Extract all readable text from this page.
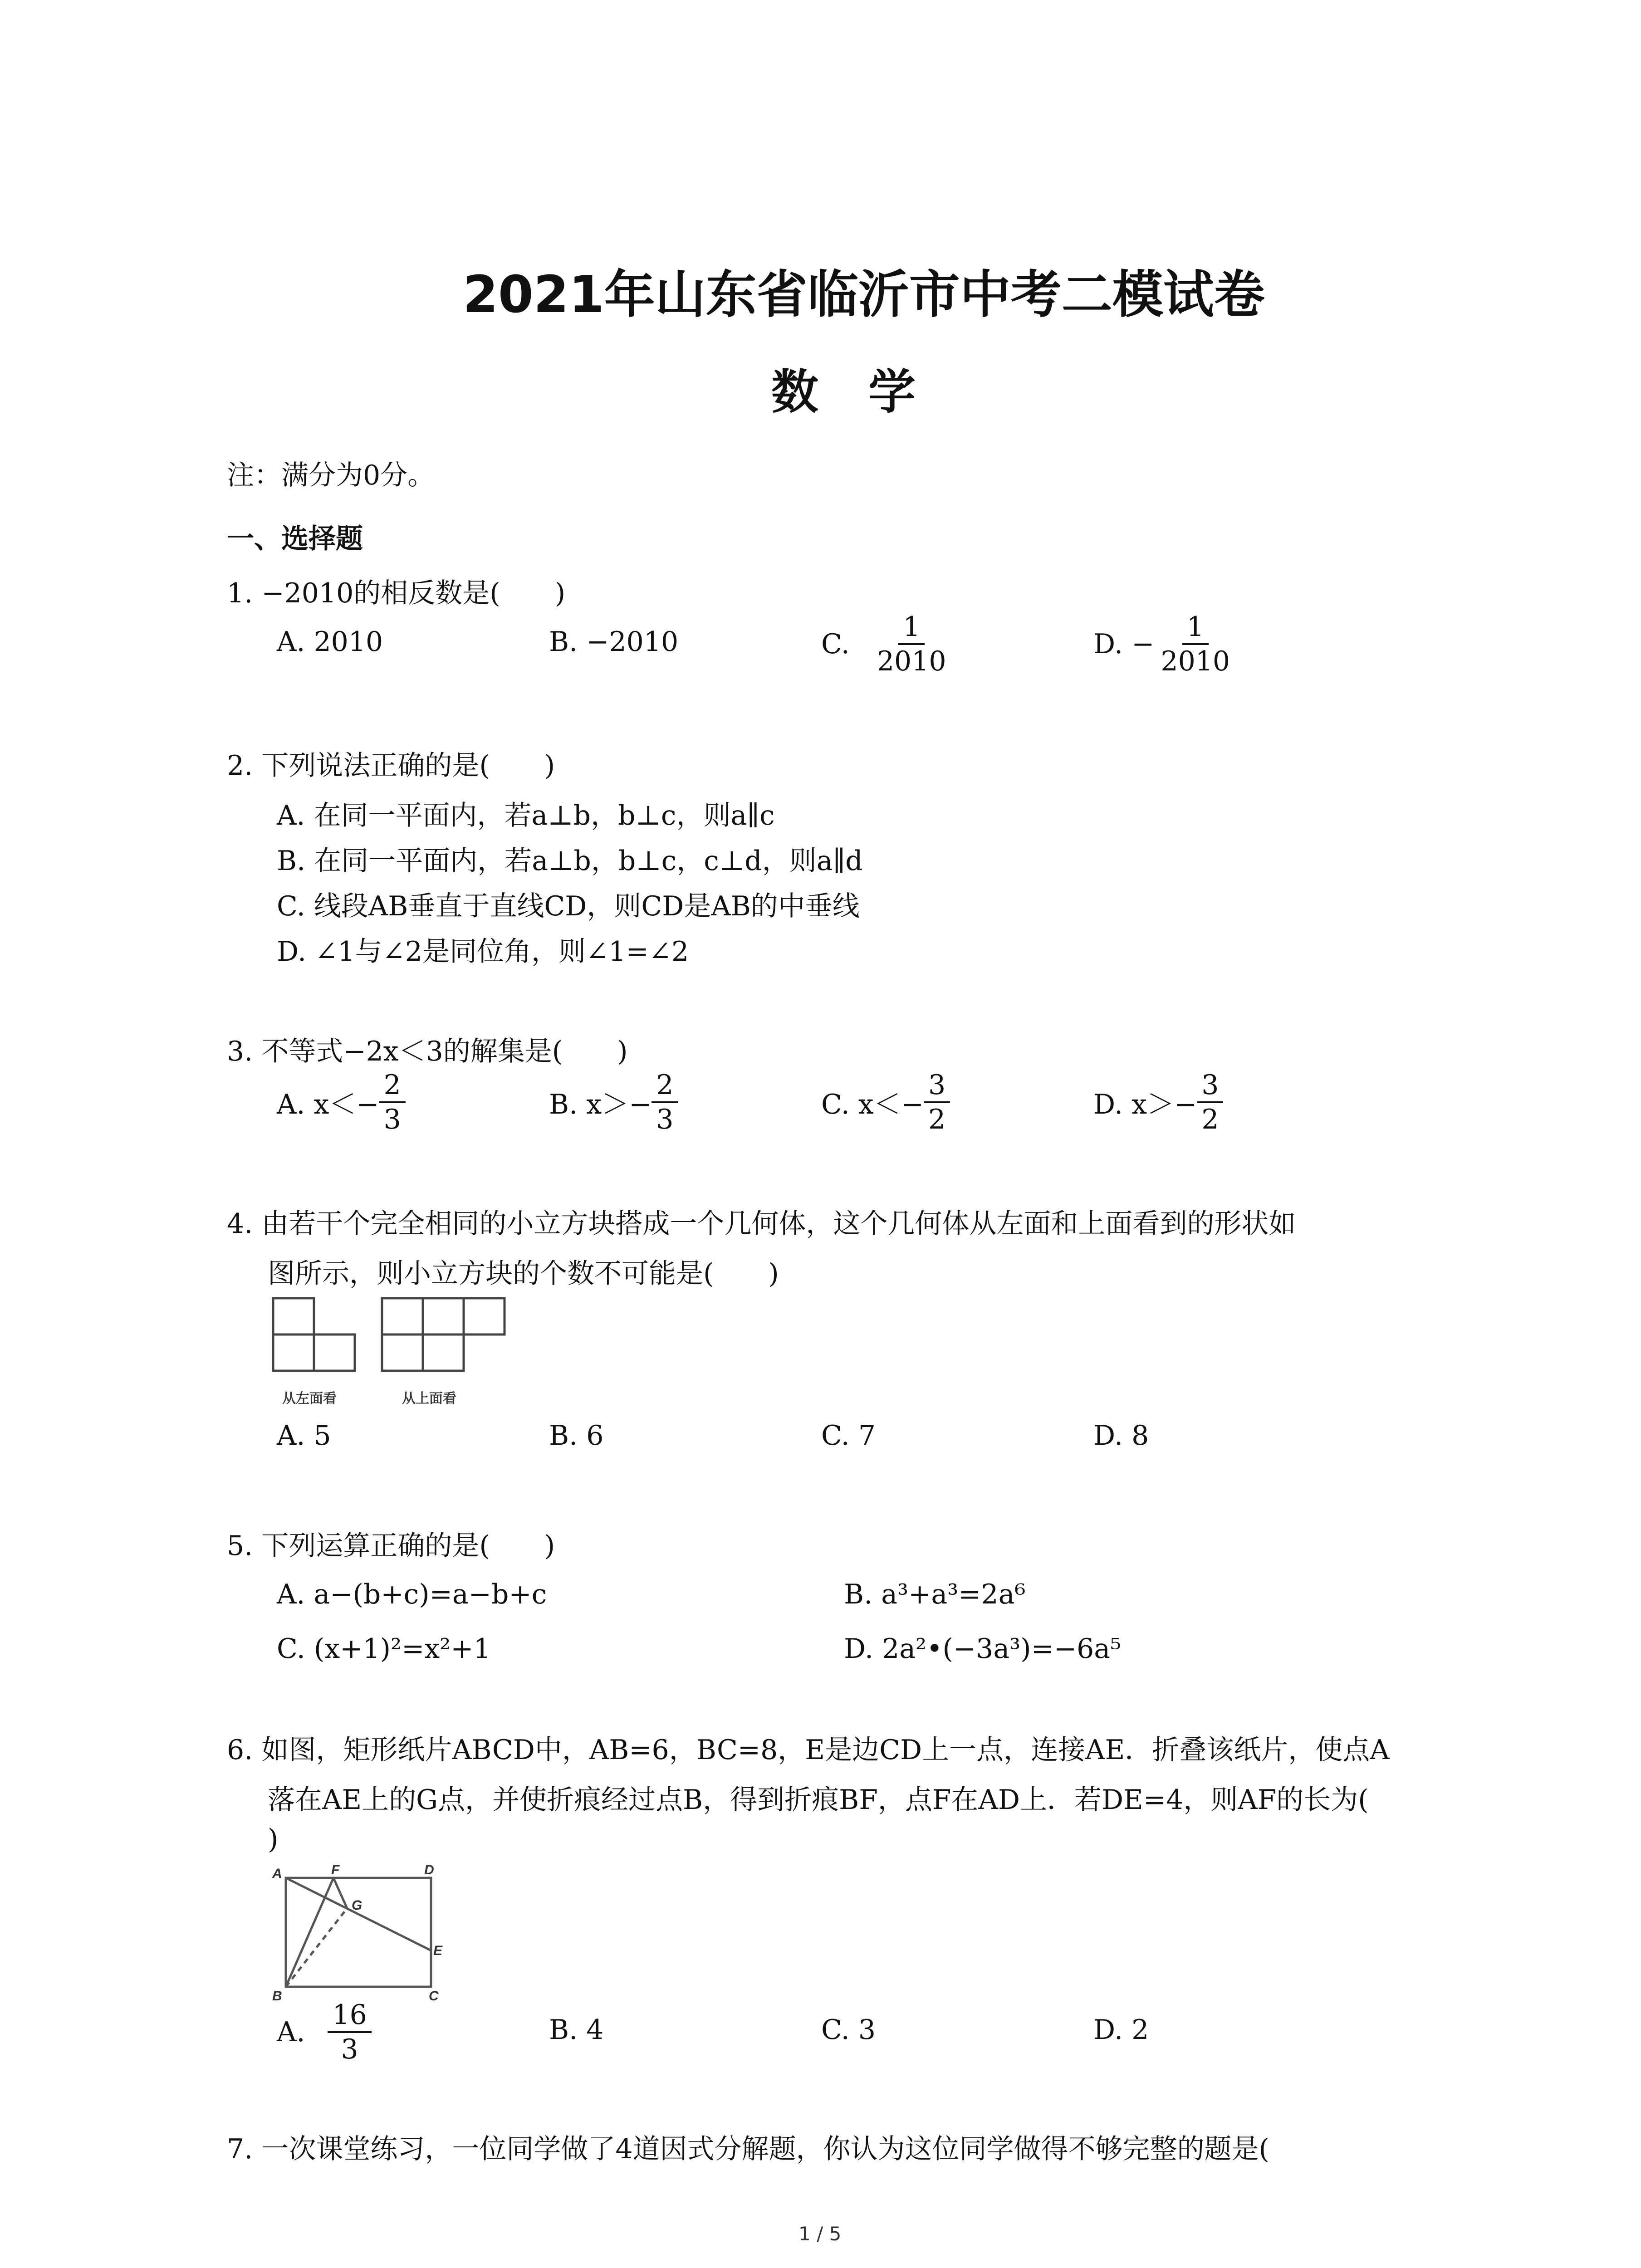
2021年山东省临沂市中考二模试卷
数学
注：满分为0分。
一、选择题
1. −2010的相反数是(　　)
A. 2010	B. −2010	C. $\frac{1}{2010}$	D. − $\frac{1}{2010}$
2. 下列说法正确的是(　　)
A. 在同一平面内，若a⊥b，b⊥c，则a∥c
B. 在同一平面内，若a⊥b，b⊥c，c⊥d，则a∥d
C. 线段AB垂直于直线CD，则CD是AB的中垂线
D. ∠1与∠2是同位角，则∠1=∠2
3. 不等式−2x＜3的解集是(　　)
A. $x<- \frac{2}{3}$	B. $x>- \frac{2}{3}$	C. $x<- \frac{3}{2}$	D. $x>- \frac{3}{2}$
4. 由若干个完全相同的小立方块搭成一个几何体，这个几何体从左面和上面看到的形状如
图所示，则小立方块的个数不可能是(　　)
从左面看	从上面看
A. 5	B. 6	C. 7	D. 8
5. 下列运算正确的是(　　)
A. a−(b+c)=a−b+c	B. a³+a³=2a⁶
C. (x+1)²=x²+1	D. 2a²•(−3a³)=−6a⁵
6. 如图，矩形纸片ABCD中，AB=6，BC=8，E是边CD上一点，连接AE．折叠该纸片，使点A
落在AE上的G点，并使折痕经过点B，得到折痕BF，点F在AD上．若DE=4，则AF的长为(
)
A	F	D
G
E
B	C
A. $\frac{16}{3}$	B. 4	C. 3	D. 2
7. 一次课堂练习，一位同学做了4道因式分解题，你认为这位同学做得不够完整的题是(
1 / 5
